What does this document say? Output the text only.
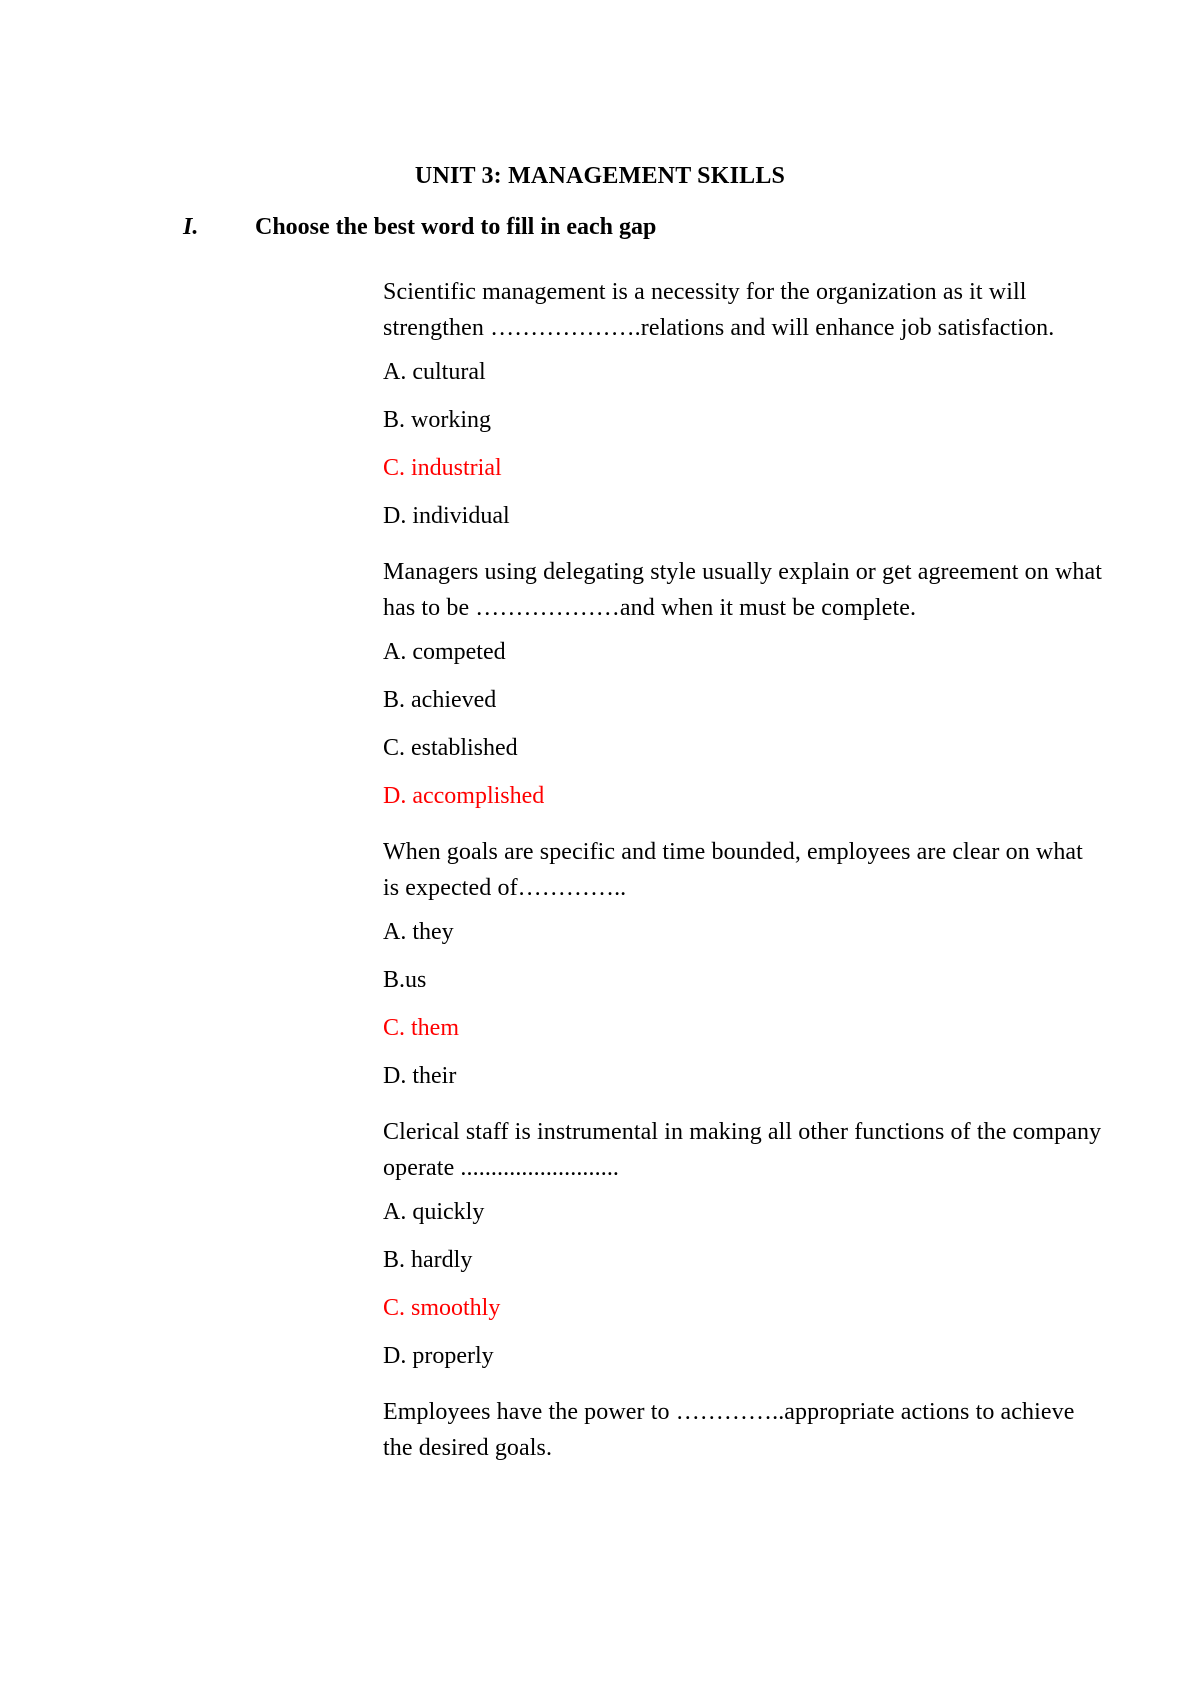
UNIT 3: MANAGEMENT SKILLS
I. Choose the best word to fill in each gap
Scientific management is a necessity for the organization as it will strengthen ……………….relations and will enhance job satisfaction.
A. cultural
B. working
C. industrial
D. individual
Managers using delegating style usually explain or get agreement on what has to be ………………and when it must be complete.
A. competed
B. achieved
C. established
D. accomplished
When goals are specific and time bounded, employees are clear on what is expected of…………..
A. they
B.us
C. them
D. their
Clerical staff is instrumental in making all other functions of the company operate ..........................
A. quickly
B. hardly
C. smoothly
D. properly
Employees have the power to …………..appropriate actions to achieve the desired goals.
